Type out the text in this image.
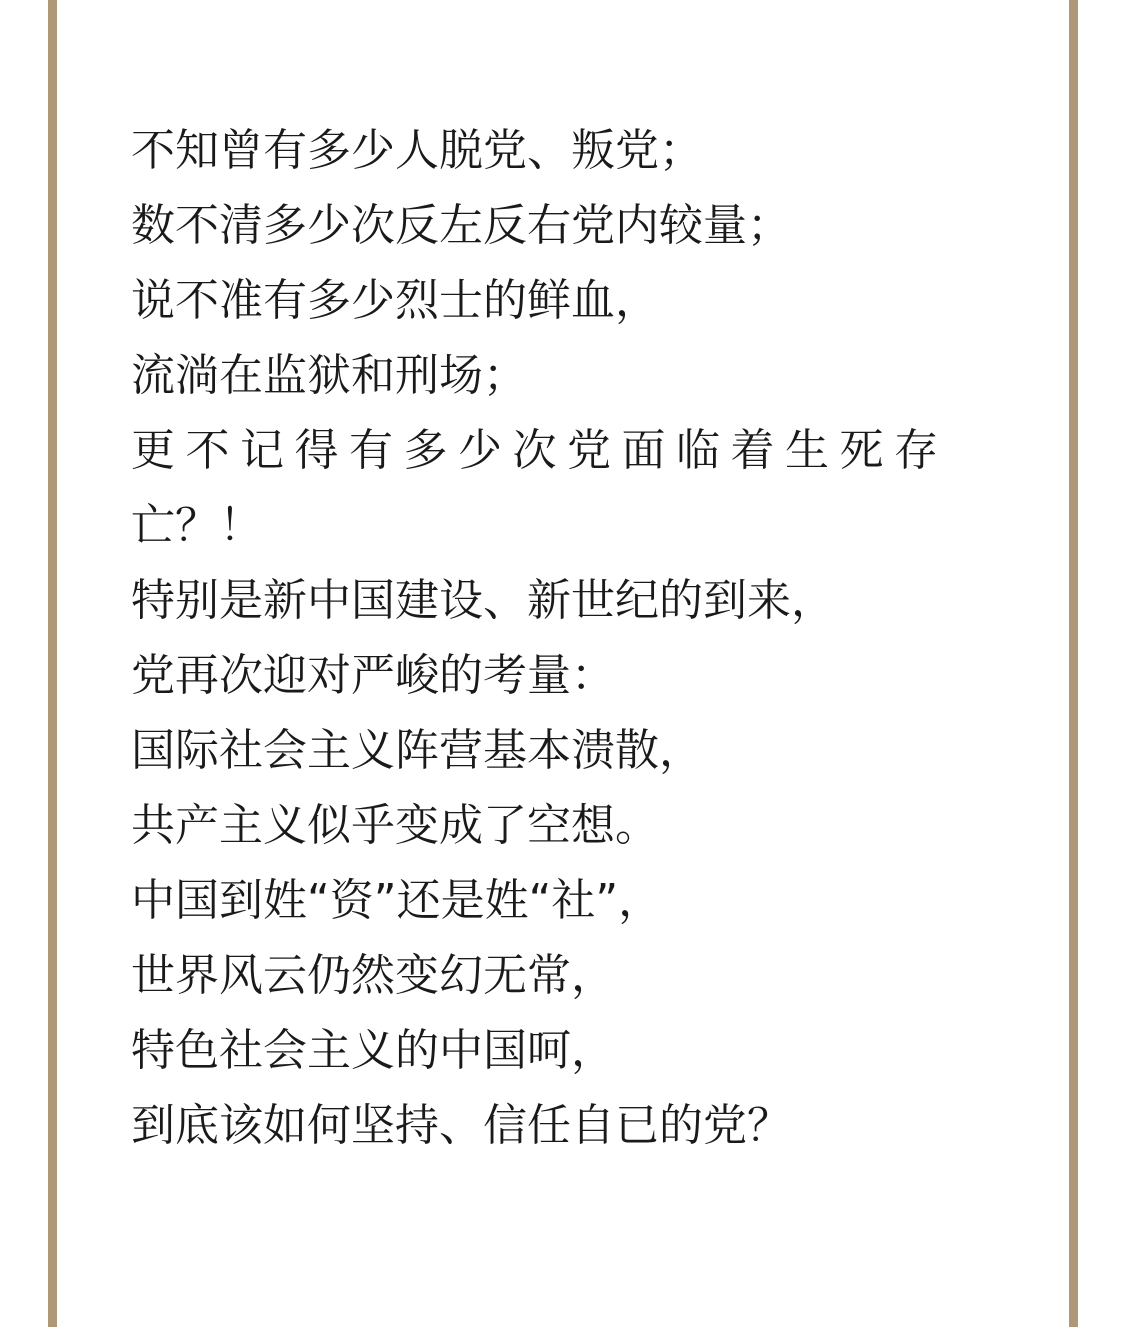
不知曾有多少人脱党、叛党；
数不清多少次反左反右党内较量；
说不准有多少烈士的鲜血，
流淌在监狱和刑场；
更不记得有多少次党面临着生死存
亡？！
特别是新中国建设、新世纪的到来，
党再次迎对严峻的考量：
国际社会主义阵营基本溃散，
共产主义似乎变成了空想。
中国到姓“资”还是姓“社”，
世界风云仍然变幻无常，
特色社会主义的中国呵，
到底该如何坚持、信任自已的党？
